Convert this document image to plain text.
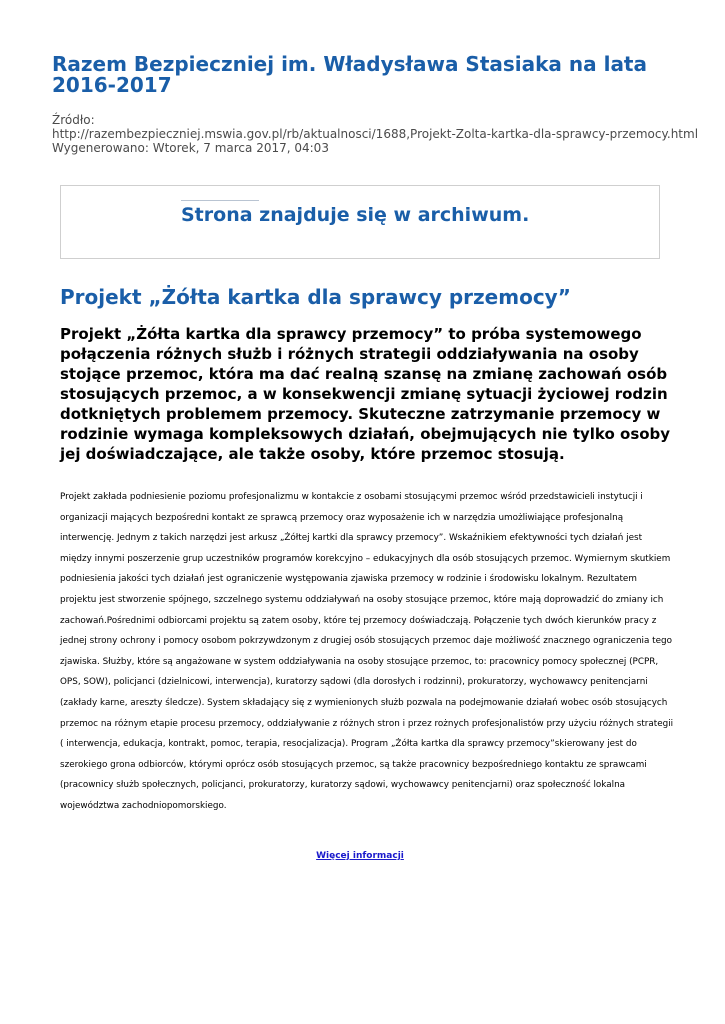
Razem Bezpieczniej im. Władysława Stasiaka na lata 2016-2017
Źródło:
http://razembezpieczniej.mswia.gov.pl/rb/aktualnosci/1688,Projekt-Zolta-kartka-dla-sprawcy-przemocy.html
Wygenerowano: Wtorek, 7 marca 2017, 04:03
Strona znajduje się w archiwum.
Projekt „Żółta kartka dla sprawcy przemocy”

Projekt „Żółta kartka dla sprawcy przemocy” to próba systemowego połączenia różnych służb i różnych strategii oddziaływania na osoby stojące przemoc, która ma dać realną szansę na zmianę zachowań osób stosujących przemoc, a w konsekwencji zmianę sytuacji życiowej rodzin dotkniętych problemem przemocy. Skuteczne zatrzymanie przemocy w rodzinie wymaga kompleksowych działań, obejmujących nie tylko osoby jej doświadczające, ale także osoby, które przemoc stosują.

Projekt zakłada podniesienie poziomu profesjonalizmu w kontakcie z osobami stosującymi przemoc wśród przedstawicieli instytucji i organizacji mających bezpośredni kontakt ze sprawcą przemocy oraz wyposażenie ich w narzędzia umożliwiające profesjonalną interwencję. Jednym z takich narzędzi jest arkusz „Żółtej kartki dla sprawcy przemocy”. Wskaźnikiem efektywności tych działań jest między innymi poszerzenie grup uczestników programów korekcyjno – edukacyjnych dla osób stosujących przemoc. Wymiernym skutkiem podniesienia jakości tych działań jest ograniczenie występowania zjawiska przemocy w rodzinie i środowisku lokalnym. Rezultatem projektu jest stworzenie spójnego, szczelnego systemu oddziaływań na osoby stosujące przemoc, które mają doprowadzić do zmiany ich zachowań.Pośrednimi odbiorcami projektu są zatem osoby, które tej przemocy doświadczają. Połączenie tych dwóch kierunków pracy z jednej strony ochrony i pomocy osobom pokrzywdzonym z drugiej osób stosujących przemoc daje możliwość znacznego ograniczenia tego zjawiska. Służby, które są angażowane w system oddziaływania na osoby stosujące przemoc, to: pracownicy pomocy społecznej (PCPR, OPS, SOW), policjanci (dzielnicowi, interwencja), kuratorzy sądowi (dla dorosłych i rodzinni), prokuratorzy, wychowawcy penitencjarni (zakłady karne, areszty śledcze). System składający się z wymienionych służb pozwala na podejmowanie działań wobec osób stosujących przemoc na różnym etapie procesu przemocy, oddziaływanie z różnych stron i przez rożnych profesjonalistów przy użyciu różnych strategii ( interwencja, edukacja, kontrakt, pomoc, terapia, resocjalizacja). Program „Żółta kartka dla sprawcy przemocy”skierowany jest do szerokiego grona odbiorców, którymi oprócz osób stosujących przemoc, są także pracownicy bezpośredniego kontaktu ze sprawcami (pracownicy służb społecznych, policjanci, prokuratorzy, kuratorzy sądowi, wychowawcy penitencjarni) oraz społeczność lokalna województwa zachodniopomorskiego.

Więcej informacji
